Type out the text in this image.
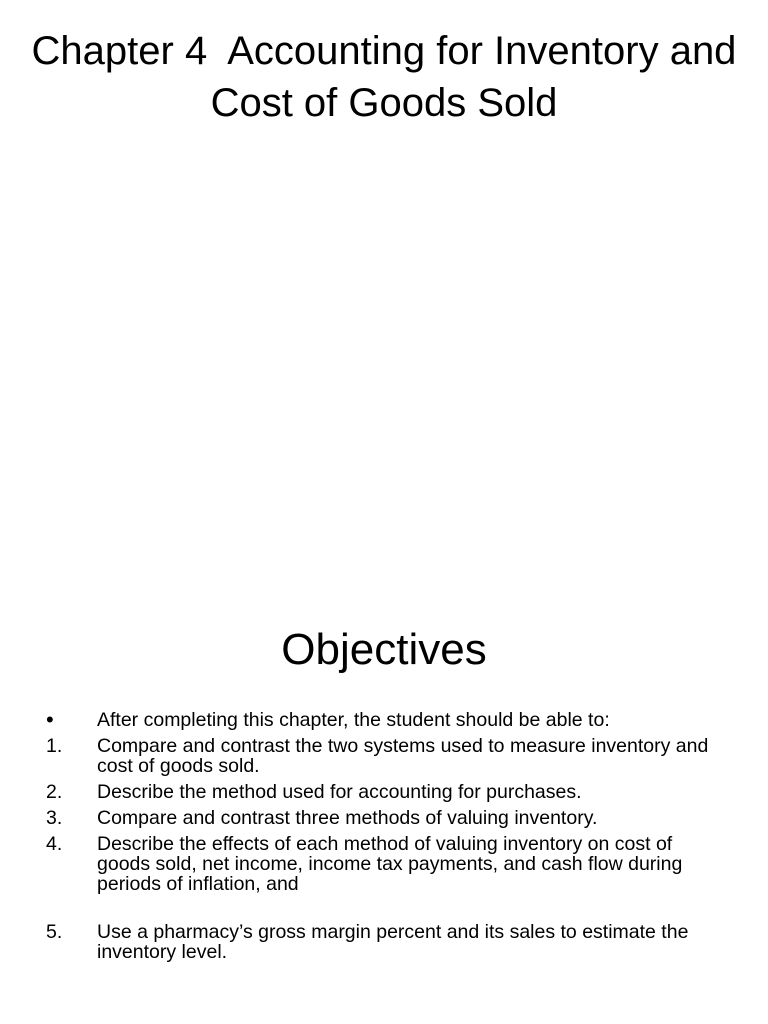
Chapter 4  Accounting for Inventory and Cost of Goods Sold
Objectives
•	After completing this chapter, the student should be able to:
1.	Compare and contrast the two systems used to measure inventory and cost of goods sold.
2.	Describe the method used for accounting for purchases.
3.	Compare and contrast three methods of valuing inventory.
4.	Describe the effects of each method of valuing inventory on cost of goods sold, net income, income tax payments, and cash flow during periods of inflation, and
5.	Use a pharmacy’s gross margin percent and its sales to estimate the inventory level.
